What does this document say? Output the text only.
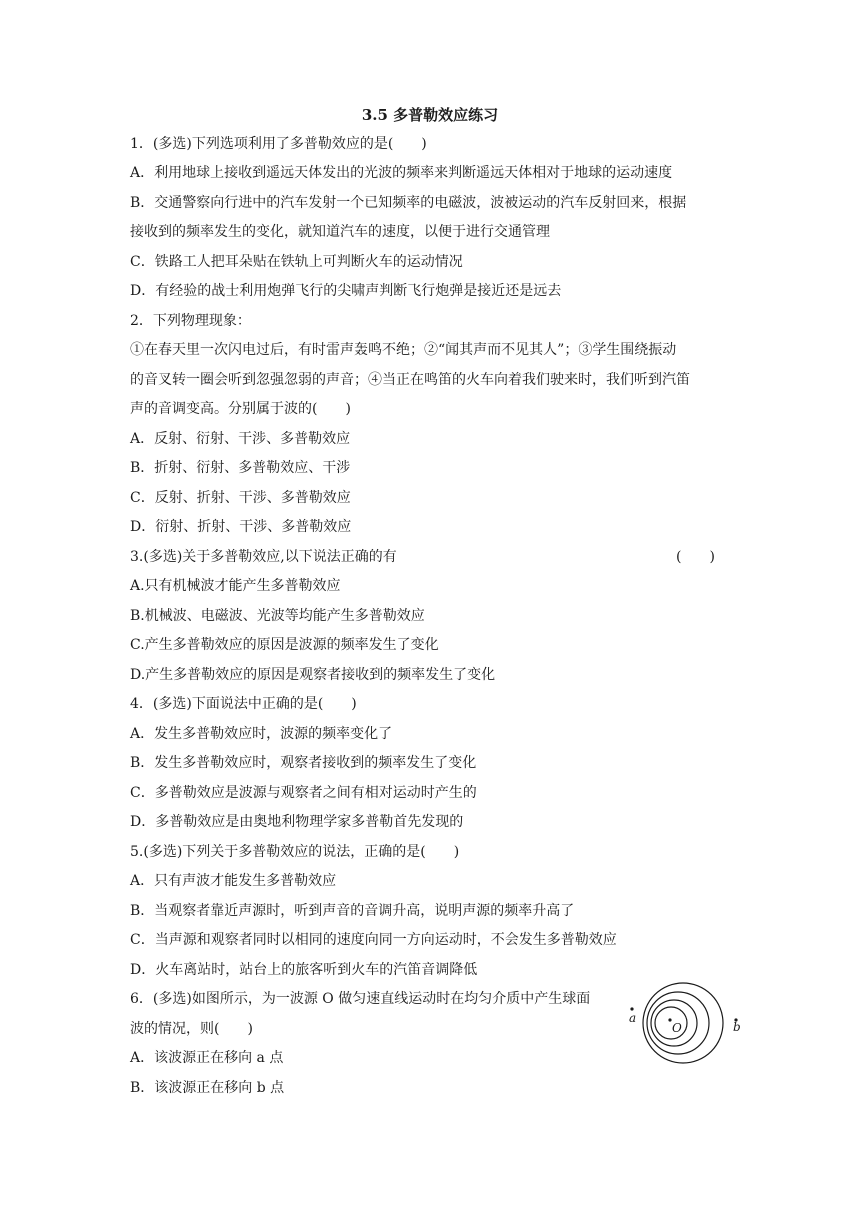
3.5 多普勒效应练习
1．(多选)下列选项利用了多普勒效应的是(　　)
A．利用地球上接收到遥远天体发出的光波的频率来判断遥远天体相对于地球的运动速度
B．交通警察向行进中的汽车发射一个已知频率的电磁波，波被运动的汽车反射回来，根据
接收到的频率发生的变化，就知道汽车的速度，以便于进行交通管理
C．铁路工人把耳朵贴在铁轨上可判断火车的运动情况
D．有经验的战士利用炮弹飞行的尖啸声判断飞行炮弹是接近还是远去
2．下列物理现象：
①在春天里一次闪电过后，有时雷声轰鸣不绝；②“闻其声而不见其人”；③学生围绕振动
的音叉转一圈会听到忽强忽弱的声音；④当正在鸣笛的火车向着我们驶来时，我们听到汽笛
声的音调变高。分别属于波的(　　)
A．反射、衍射、干涉、多普勒效应
B．折射、衍射、多普勒效应、干涉
C．反射、折射、干涉、多普勒效应
D．衍射、折射、干涉、多普勒效应
3.(多选)关于多普勒效应,以下说法正确的有	(　　)
A.只有机械波才能产生多普勒效应
B.机械波、电磁波、光波等均能产生多普勒效应
C.产生多普勒效应的原因是波源的频率发生了变化
D.产生多普勒效应的原因是观察者接收到的频率发生了变化
4．(多选)下面说法中正确的是(　　)
A．发生多普勒效应时，波源的频率变化了
B．发生多普勒效应时，观察者接收到的频率发生了变化
C．多普勒效应是波源与观察者之间有相对运动时产生的
D．多普勒效应是由奥地利物理学家多普勒首先发现的
5.(多选)下列关于多普勒效应的说法，正确的是(　　)
A．只有声波才能发生多普勒效应
B．当观察者靠近声源时，听到声音的音调升高，说明声源的频率升高了
C．当声源和观察者同时以相同的速度向同一方向运动时，不会发生多普勒效应
D．火车离站时，站台上的旅客听到火车的汽笛音调降低
6．(多选)如图所示，为一波源 O 做匀速直线运动时在均匀介质中产生球面
波的情况，则(　　)
A．该波源正在移向 a 点
B．该波源正在移向 b 点
a
b
O
